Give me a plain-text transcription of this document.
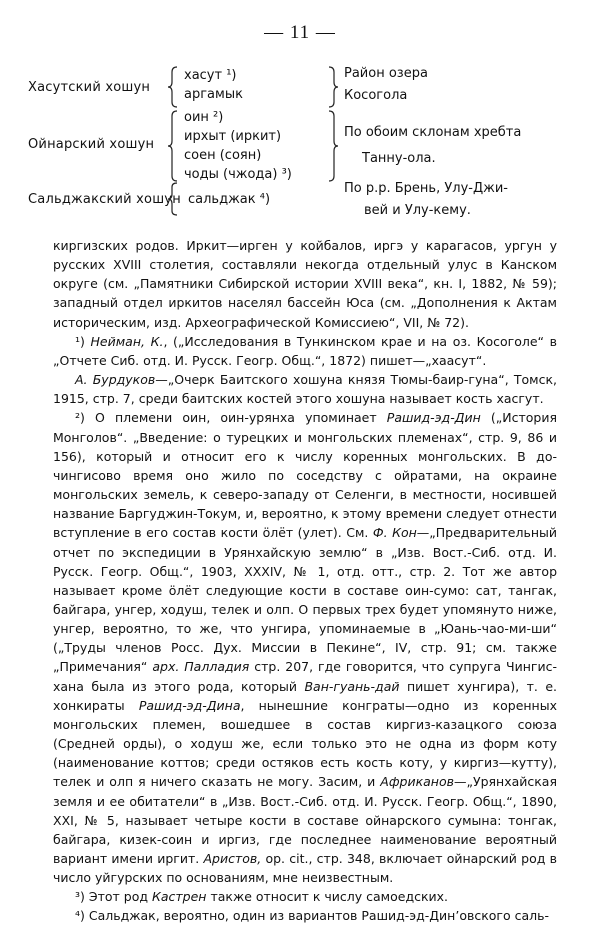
— 11 —
Хасутский хошун
хасут ¹)
аргамык
Район озера
Косогола
Ойнарский хошун
оин ²)
ирхыт (иркит)
соен (соян)
чоды (чжода) ³)
По обоим склонам хребта
Танну-ола.
Сальджакский хошун сальджак ⁴)
По р.р. Брень, Улу-Джи-
вей и Улу-кему.

киргизских родов. Иркит—ирген у койбалов, иргэ у карагасов, ургун у русских XVIII столетия, составляли некогда отдельный улус в Канском округе (см. „Памятники Сибирской истории XVIII века“, кн. I, 1882, № 59); западный отдел иркитов населял бассейн Юса (см. „Дополнения к Актам историческим, изд. Археографической Комиссиею“, VII, № 72).

¹) Нейман, К., („Исследования в Тункинском крае и на оз. Косоголе“ в „Отчете Сиб. отд. И. Русск. Геогр. Общ.“, 1872) пишет—„хаасут“.

А. Бурдуков—„Очерк Баитского хошуна князя Тюмы-баир-гуна“, Томск, 1915, стр. 7, среди баитских костей этого хошуна называет кость хасгут.

²) О племени оин, оин-урянха упоминает Рашид-эд-Дин („История Монголов“. „Введение: о турецких и монгольских племенах“, стр. 9, 86 и 156), который и относит его к числу коренных монгольских. В до-чингисово время оно жило по соседству с ойратами, на окраине монгольских земель, к северо-западу от Селенги, в местности, носившей название Баргуджин-Токум, и, вероятно, к этому времени следует отнести вступление в его состав кости öлёт (улет). См. Ф. Кон—„Предварительный отчет по экспедиции в Урянхайскую землю“ в „Изв. Вост.-Сиб. отд. И. Русск. Геогр. Общ.“, 1903, XXXIV, № 1, отд. отт., стр. 2. Тот же автор называет кроме öлёт следующие кости в составе оин-сумо: сат, тангак, байгара, унгер, ходуш, телек и олп. О первых трех будет упомянуто ниже, унгер, вероятно, то же, что унгира, упоминаемые в „Юань-чао-ми-ши“ („Труды членов Росс. Дух. Миссии в Пекине“, IV, стр. 91; см. также „Примечания“ арх. Палладия стр. 207, где говорится, что супруга Чингис-хана была из этого рода, который Ван-гуань-дай пишет хунгира), т. е. хонкираты Рашид-эд-Дина, нынешние конграты—одно из коренных монгольских племен, вошедшее в состав киргиз-казацкого союза (Средней орды), о ходуш же, если только это не одна из форм коту (наименование коттов; среди остяков есть кость коту, у киргиз—кутту), телек и олп я ничего сказать не могу. Засим, и Африканов—„Урянхайская земля и ее обитатели“ в „Изв. Вост.-Сиб. отд. И. Русск. Геогр. Общ.“, 1890, XXI, № 5, называет четыре кости в составе ойнарского сумына: тонгак, байгара, кизек-соин и иргиз, где последнее наименование вероятный вариант имени иргит. Аристов, op. cit., стр. 348, включает ойнарский род в число уйгурских по основаниям, мне неизвестным.

³) Этот род Кастрен также относит к числу самоедских.

⁴) Сальджак, вероятно, один из вариантов Рашид-эд-Дин’овского саль-
